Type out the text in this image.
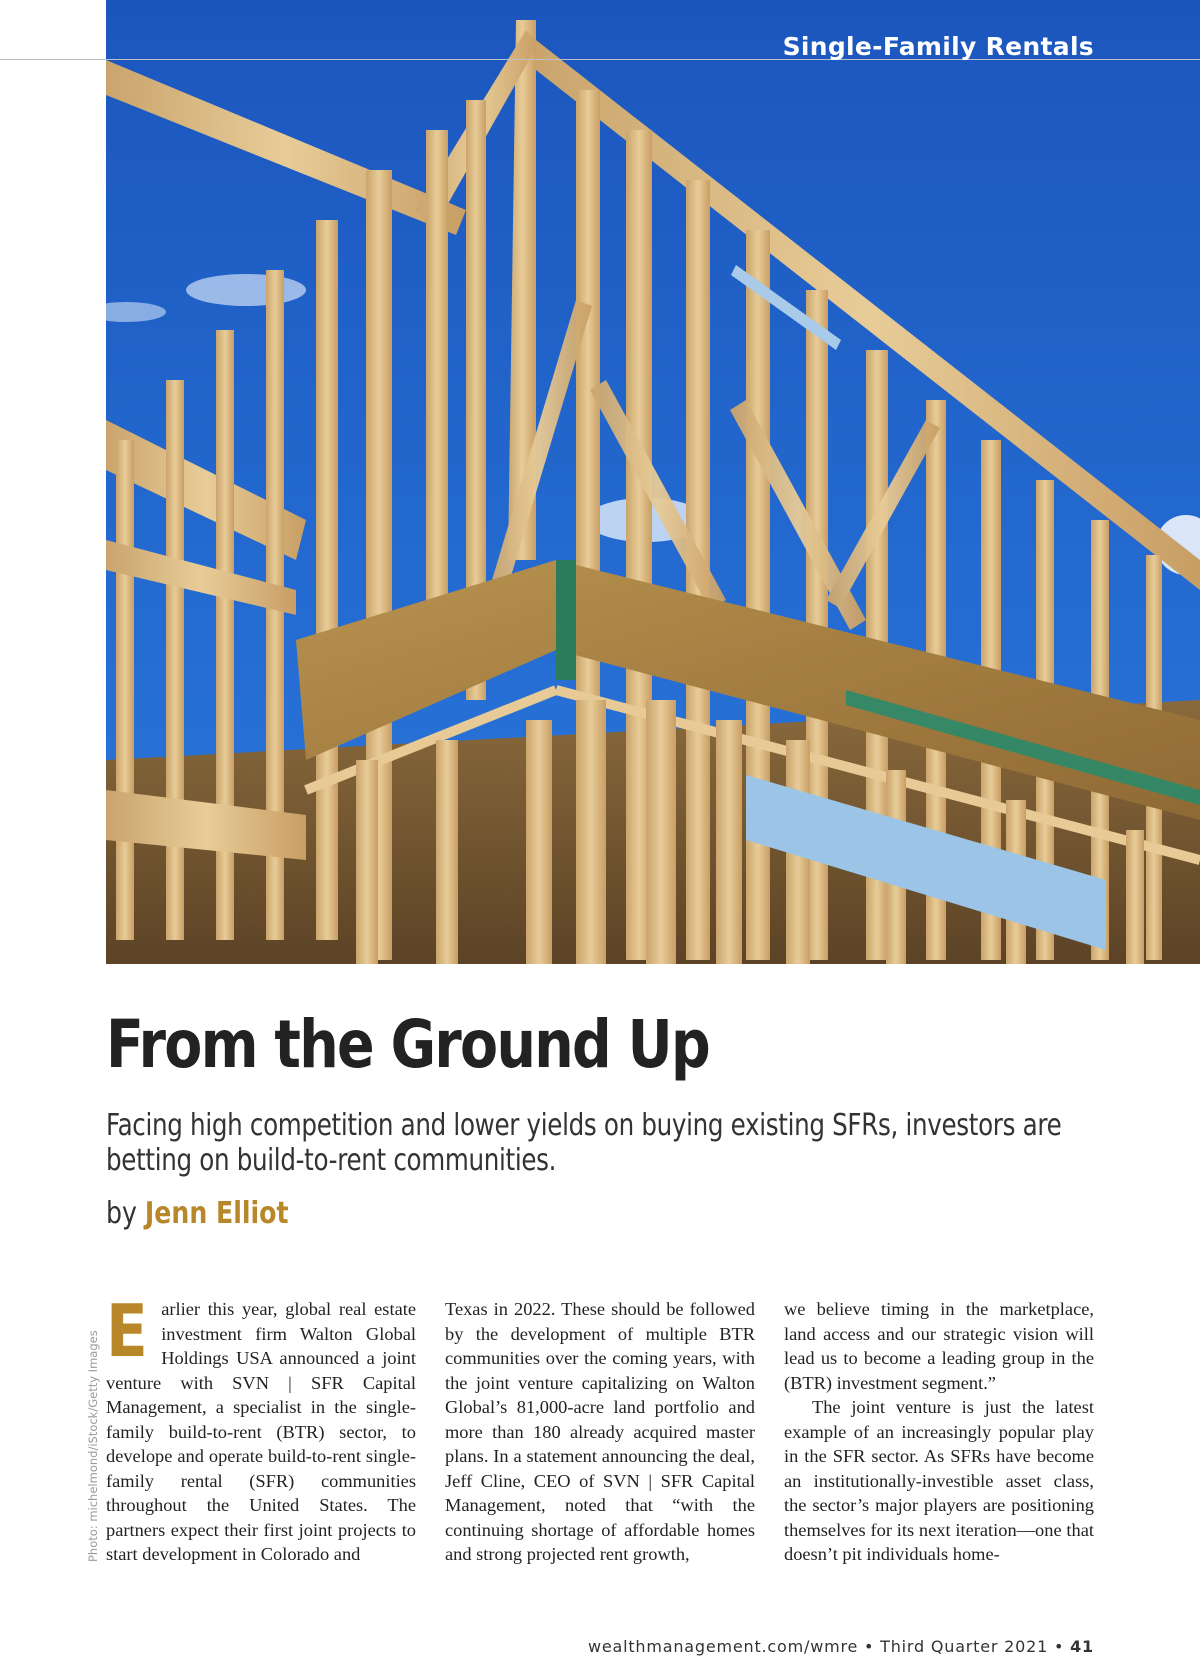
Single-Family Rentals
From the Ground Up

Facing high competition and lower yields on buying existing SFRs, investors are betting on build-to-rent communities.

by Jenn Elliot

Photo: michelmond/iStock/Getty Images E arlier this year, global real estate investment firm Walton Global Holdings USA announced a joint venture with SVN | SFR Capital Management, a specialist in the single-family build-to-rent (BTR) sector, to develope and operate build-to-rent single-family rental (SFR) communities throughout the United States. The partners expect their first joint projects to start development in Colorado and

Texas in 2022. These should be followed by the development of multiple BTR communities over the coming years, with the joint venture capitalizing on Walton Global’s 81,000-acre land portfolio and more than 180 already acquired master plans. In a statement announcing the deal, Jeff Cline, CEO of SVN | SFR Capital Management, noted that “with the continuing shortage of affordable homes and strong projected rent growth,

we believe timing in the marketplace, land access and our strategic vision will lead us to become a leading group in the (BTR) investment segment.”

The joint venture is just the latest example of an increasingly popular play in the SFR sector. As SFRs have become an institutionally-investible asset class, the sector’s major players are positioning themselves for its next iteration—one that doesn’t pit individuals home-

wealthmanagement.com/wmre • Third Quarter 2021 • 41
